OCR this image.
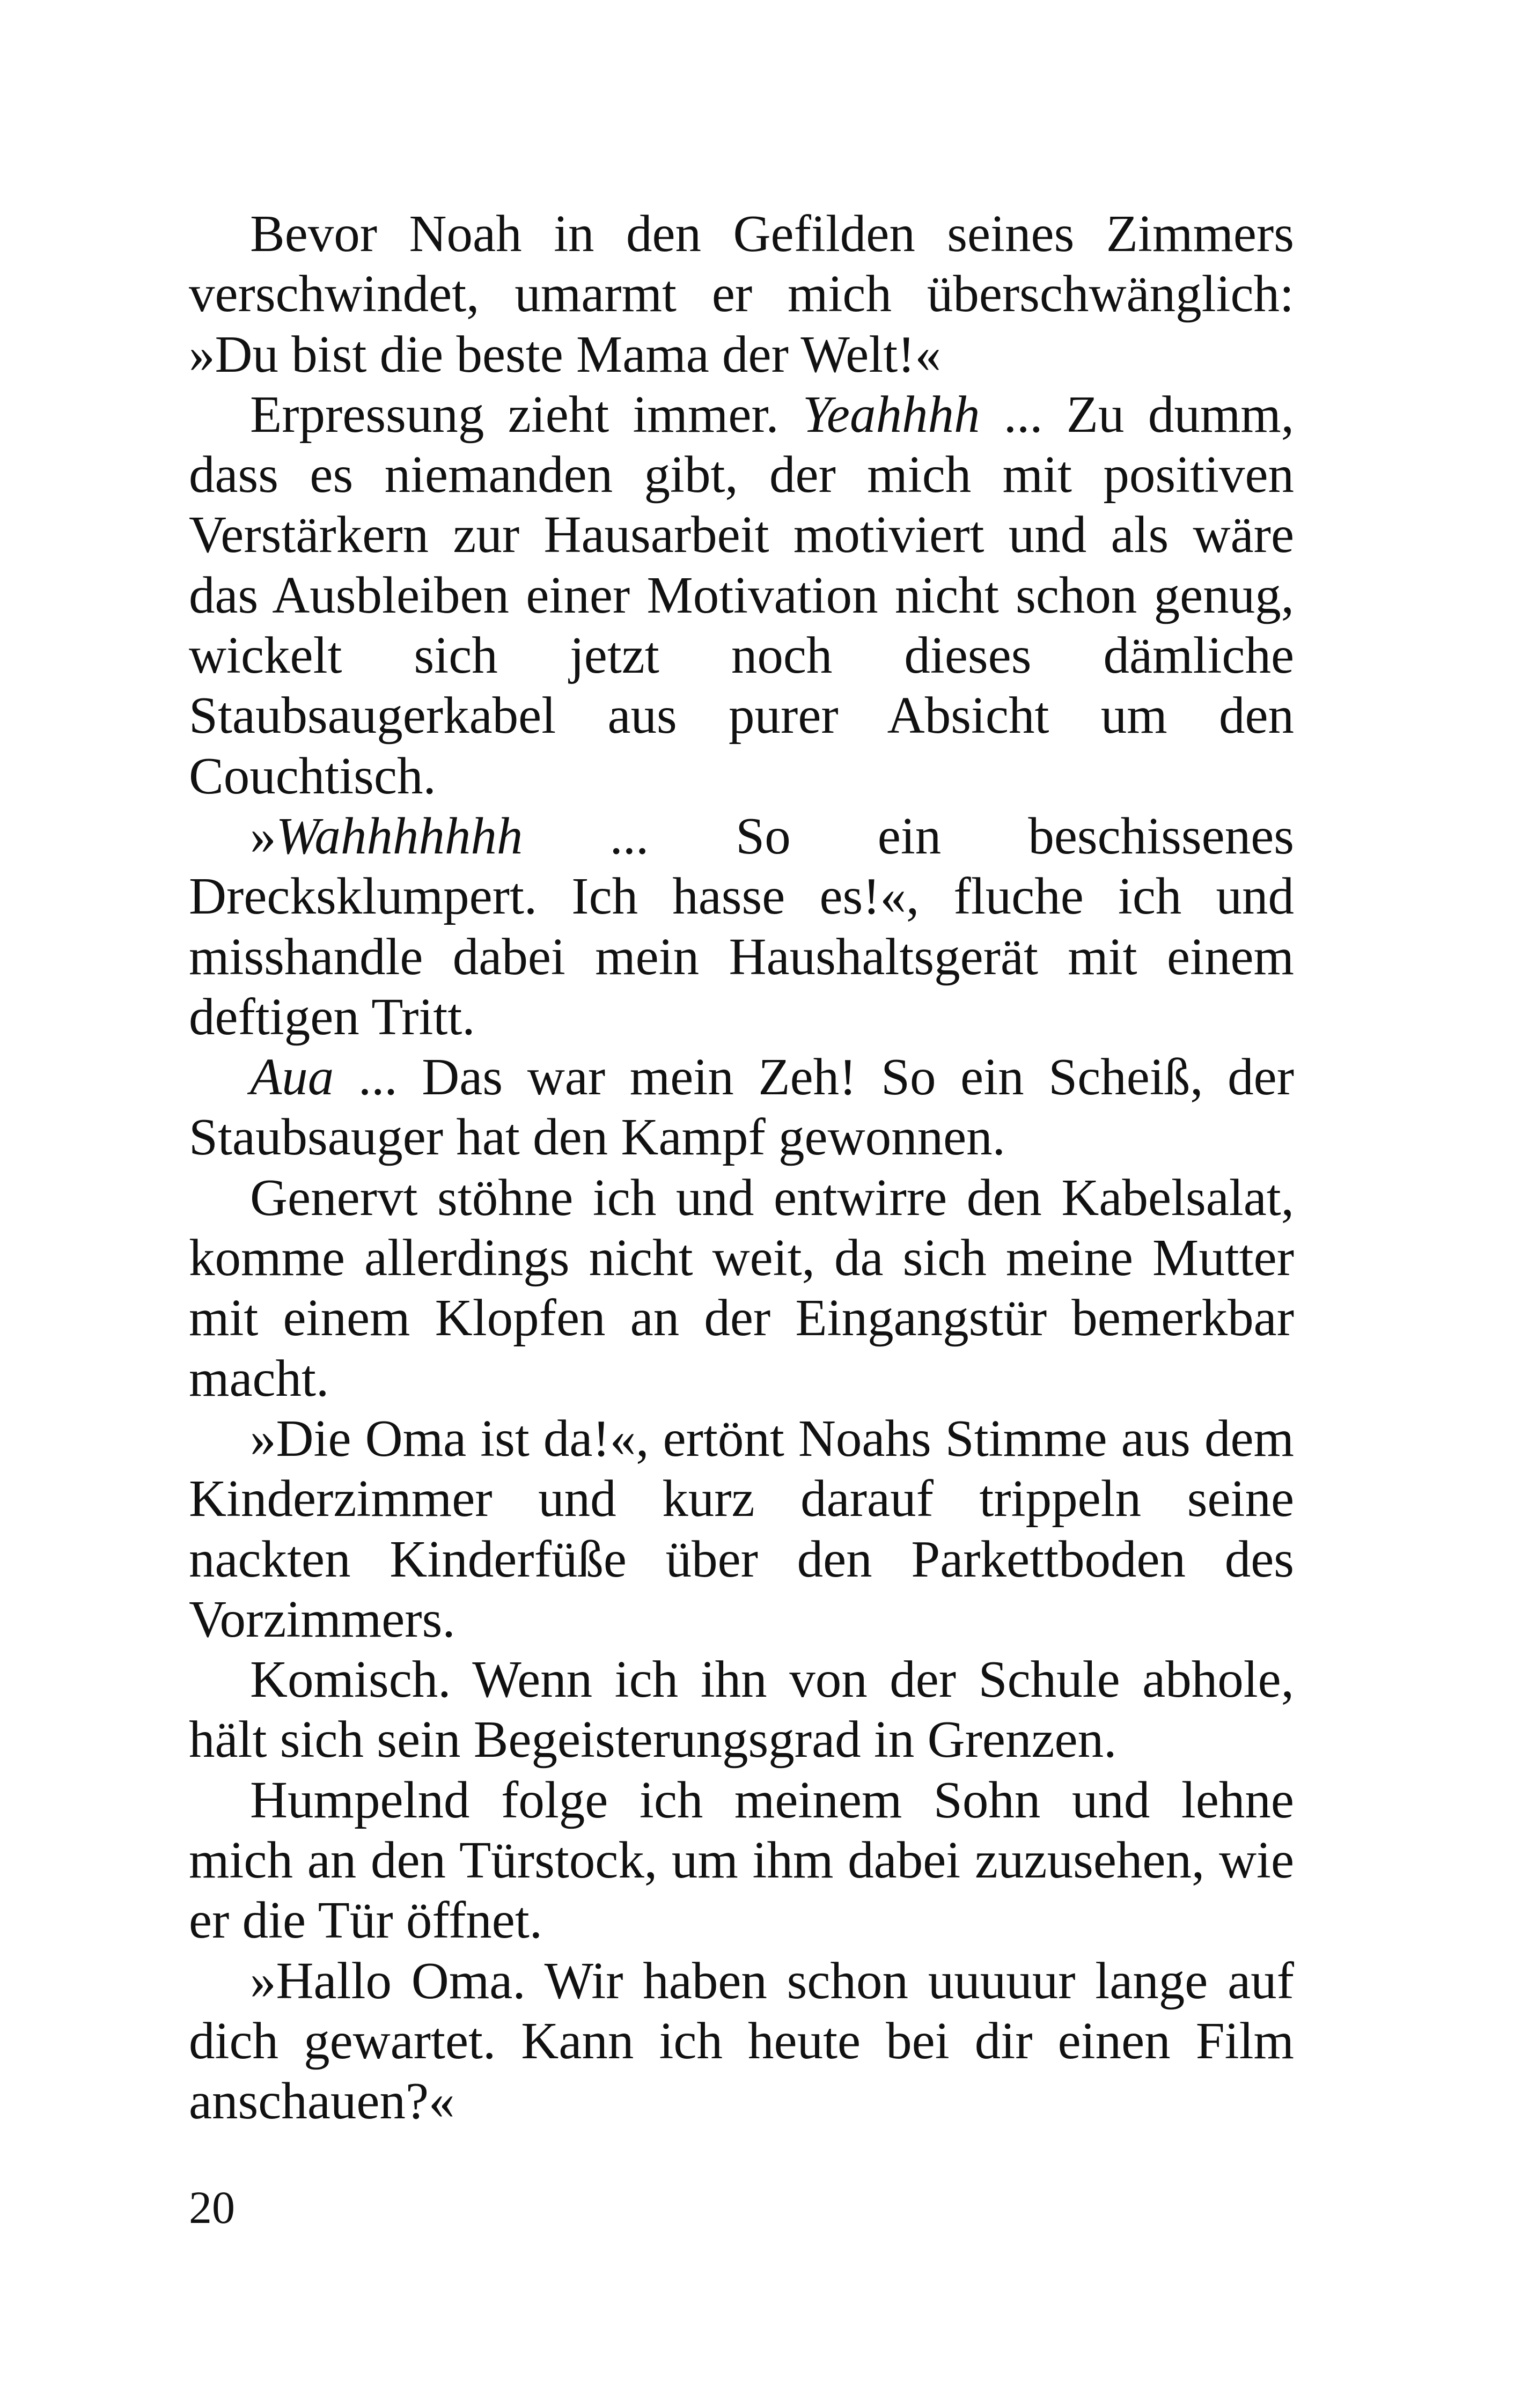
Bevor Noah in den Gefilden seines Zimmers verschwindet, umarmt er mich überschwänglich: »Du bist die beste Mama der Welt!«

Erpressung zieht immer. Yeahhhh ... Zu dumm, dass es niemanden gibt, der mich mit positiven Verstärkern zur Hausarbeit motiviert und als wäre das Ausbleiben einer Motivation nicht schon genug, wickelt sich jetzt noch dieses dämliche Staubsaugerkabel aus purer Absicht um den Couchtisch.

»Wahhhhhhh ... So ein beschissenes Drecksklumpert. Ich hasse es!«, fluche ich und misshandle dabei mein Haushaltsgerät mit einem deftigen Tritt.

Aua ... Das war mein Zeh! So ein Scheiß, der Staubsauger hat den Kampf gewonnen.

Genervt stöhne ich und entwirre den Kabelsalat, komme allerdings nicht weit, da sich meine Mutter mit einem Klopfen an der Eingangstür bemerkbar macht.

»Die Oma ist da!«, ertönt Noahs Stimme aus dem Kinderzimmer und kurz darauf trippeln seine nackten Kinderfüße über den Parkettboden des Vorzimmers.

Komisch. Wenn ich ihn von der Schule abhole, hält sich sein Begeisterungsgrad in Grenzen.

Humpelnd folge ich meinem Sohn und lehne mich an den Türstock, um ihm dabei zuzusehen, wie er die Tür öffnet.

»Hallo Oma. Wir haben schon uuuuur lange auf dich gewartet. Kann ich heute bei dir einen Film anschauen?«

20
